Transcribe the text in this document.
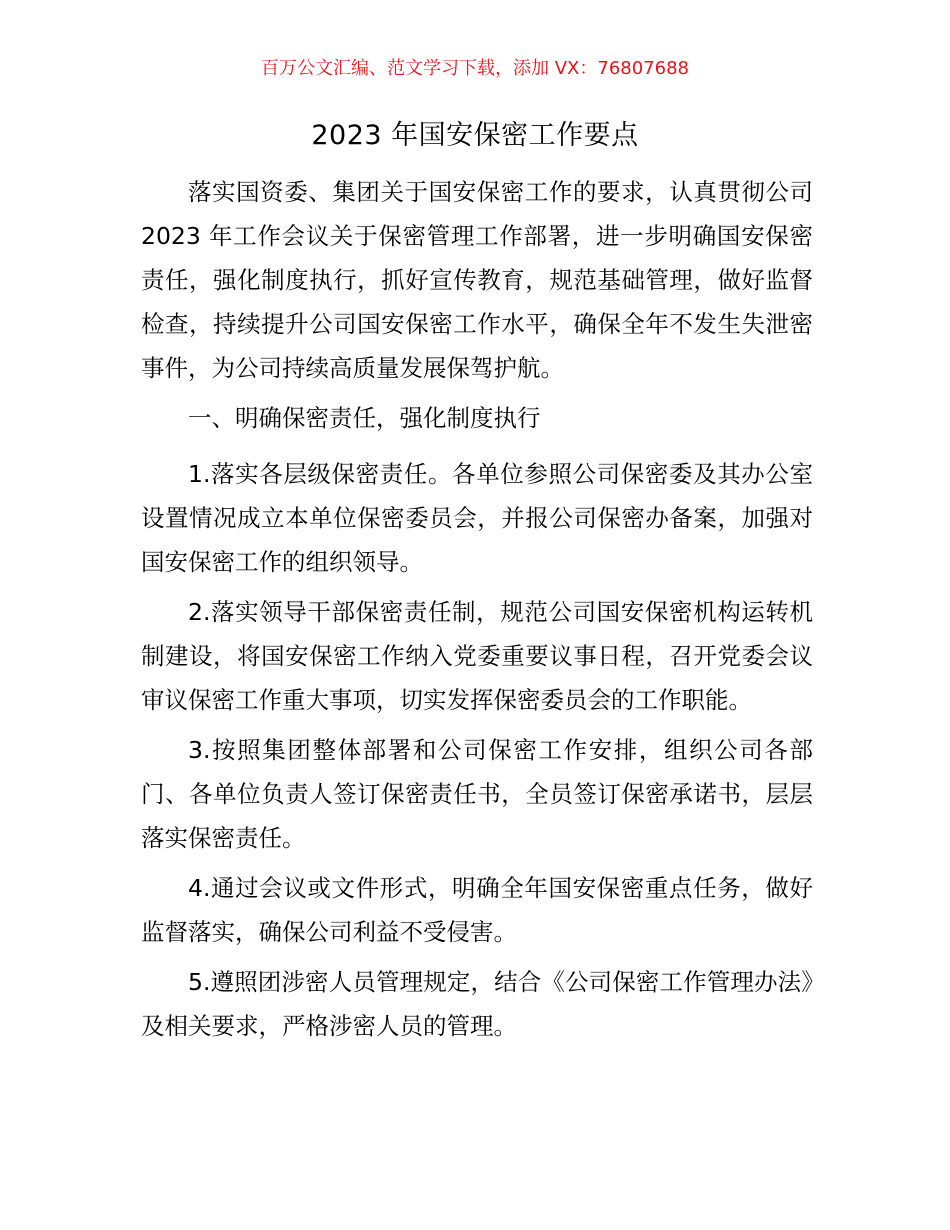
百万公文汇编、范文学习下载，添加 VX：76807688
2023 年国安保密工作要点

落实国资委、集团关于国安保密工作的要求，认真贯彻公司 2023 年工作会议关于保密管理工作部署，进一步明确国安保密责任，强化制度执行，抓好宣传教育，规范基础管理，做好监督检查，持续提升公司国安保密工作水平，确保全年不发生失泄密事件，为公司持续高质量发展保驾护航。

一、明确保密责任，强化制度执行

1.落实各层级保密责任。各单位参照公司保密委及其办公室设置情况成立本单位保密委员会，并报公司保密办备案，加强对国安保密工作的组织领导。

2.落实领导干部保密责任制，规范公司国安保密机构运转机制建设，将国安保密工作纳入党委重要议事日程，召开党委会议审议保密工作重大事项，切实发挥保密委员会的工作职能。

3.按照集团整体部署和公司保密工作安排，组织公司各部门、各单位负责人签订保密责任书，全员签订保密承诺书，层层落实保密责任。

4.通过会议或文件形式，明确全年国安保密重点任务，做好监督落实，确保公司利益不受侵害。

5.遵照团涉密人员管理规定，结合《公司保密工作管理办法》及相关要求，严格涉密人员的管理。
